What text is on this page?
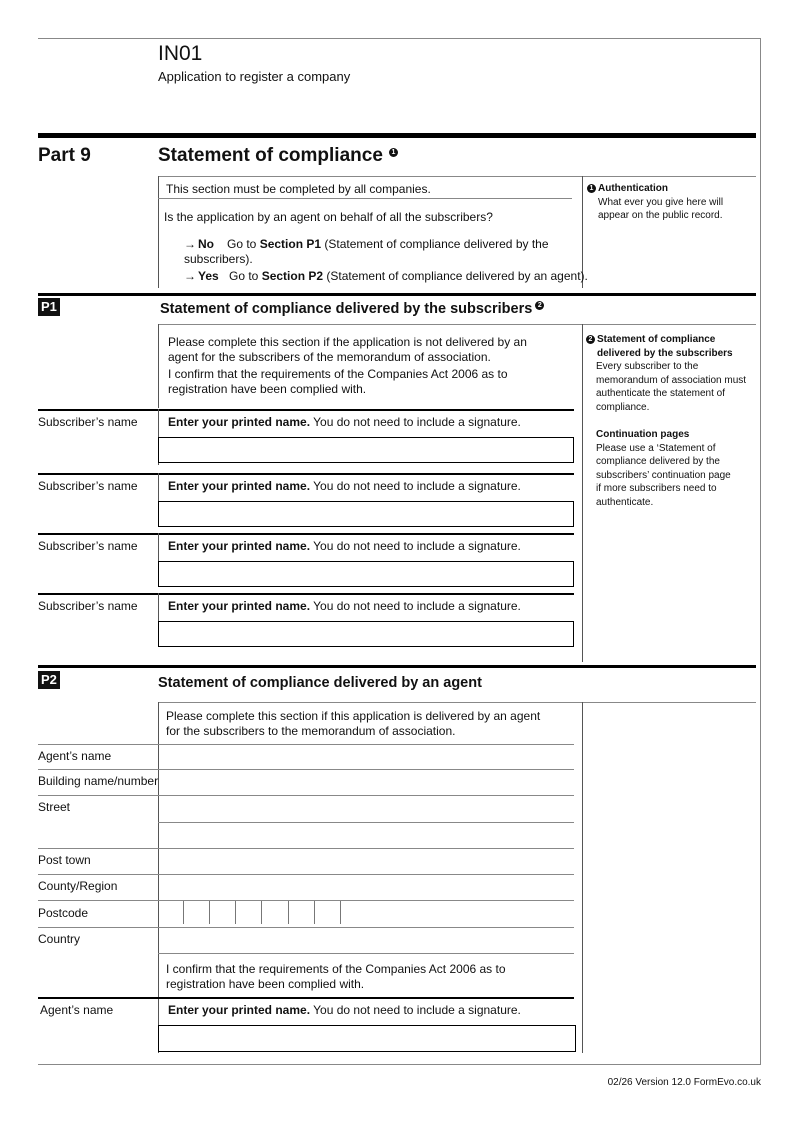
IN01
Application to register a company
Part 9	Statement of compliance 1
This section must be completed by all companies.
Is the application by an agent on behalf of all the subscribers?
→ No Go to Section P1 (Statement of compliance delivered by the subscribers).
→ Yes Go to Section P2 (Statement of compliance delivered by an agent).
1 Authentication
What ever you give here will appear on the public record.
P1	Statement of compliance delivered by the subscribers 2
Please complete this section if the application is not delivered by an agent for the subscribers of the memorandum of association.
I confirm that the requirements of the Companies Act 2006 as to registration have been complied with.
Subscriber’s name	Enter your printed name. You do not need to include a signature.
Subscriber’s name	Enter your printed name. You do not need to include a signature.
Subscriber’s name	Enter your printed name. You do not need to include a signature.
Subscriber’s name	Enter your printed name. You do not need to include a signature.
2 Statement of compliance delivered by the subscribers
Every subscriber to the memorandum of association must authenticate the statement of compliance.
Continuation pages
Please use a ‘Statement of compliance delivered by the subscribers’ continuation page if more subscribers need to authenticate.
P2	Statement of compliance delivered by an agent
Please complete this section if this application is delivered by an agent for the subscribers to the memorandum of association.
Agent’s name
Building name/number
Street
Post town
County/Region
Postcode
Country
I confirm that the requirements of the Companies Act 2006 as to registration have been complied with.
Agent’s name	Enter your printed name. You do not need to include a signature.
02/26 Version 12.0 FormEvo.co.uk
